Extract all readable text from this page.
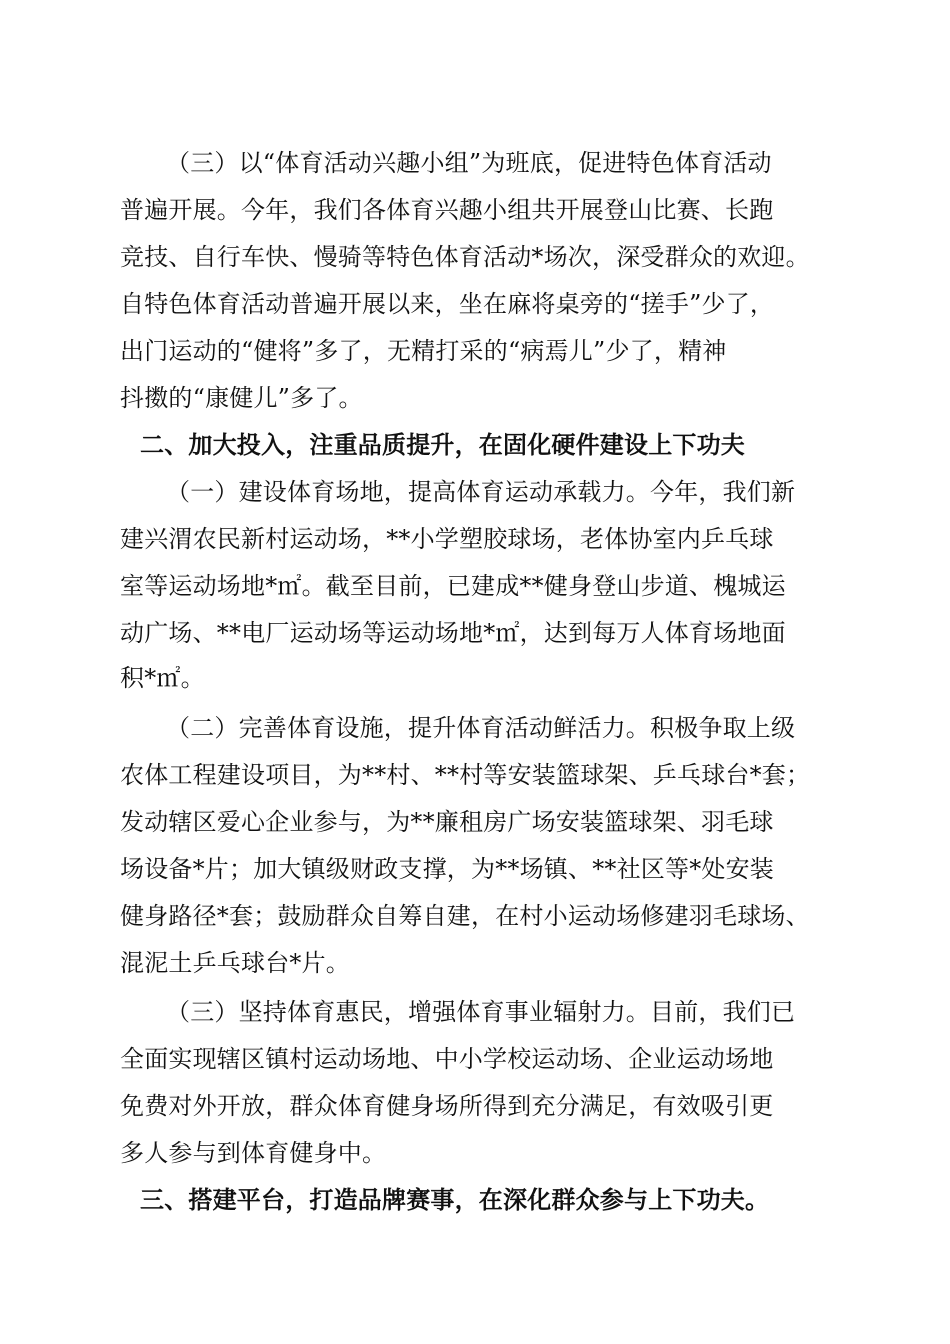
（三）以“体育活动兴趣小组”为班底，促进特色体育活动
普遍开展。今年，我们各体育兴趣小组共开展登山比赛、长跑
竞技、自行车快、慢骑等特色体育活动*场次，深受群众的欢迎。
自特色体育活动普遍开展以来，坐在麻将桌旁的“搓手”少了，
出门运动的“健将”多了，无精打采的“病焉儿”少了，精神
抖擞的“康健儿”多了。
二、加大投入，注重品质提升，在固化硬件建设上下功夫
（一）建设体育场地，提高体育运动承载力。今年，我们新
建兴渭农民新村运动场，**小学塑胶球场，老体协室内乒乓球
室等运动场地*㎡。截至目前，已建成**健身登山步道、槐城运
动广场、**电厂运动场等运动场地*㎡，达到每万人体育场地面
积*㎡。
（二）完善体育设施，提升体育活动鲜活力。积极争取上级
农体工程建设项目，为**村、**村等安装篮球架、乒乓球台*套；
发动辖区爱心企业参与，为**廉租房广场安装篮球架、羽毛球
场设备*片；加大镇级财政支撑，为**场镇、**社区等*处安装
健身路径*套；鼓励群众自筹自建，在村小运动场修建羽毛球场、
混泥土乒乓球台*片。
（三）坚持体育惠民，增强体育事业辐射力。目前，我们已
全面实现辖区镇村运动场地、中小学校运动场、企业运动场地
免费对外开放，群众体育健身场所得到充分满足，有效吸引更
多人参与到体育健身中。
三、搭建平台，打造品牌赛事，在深化群众参与上下功夫。
